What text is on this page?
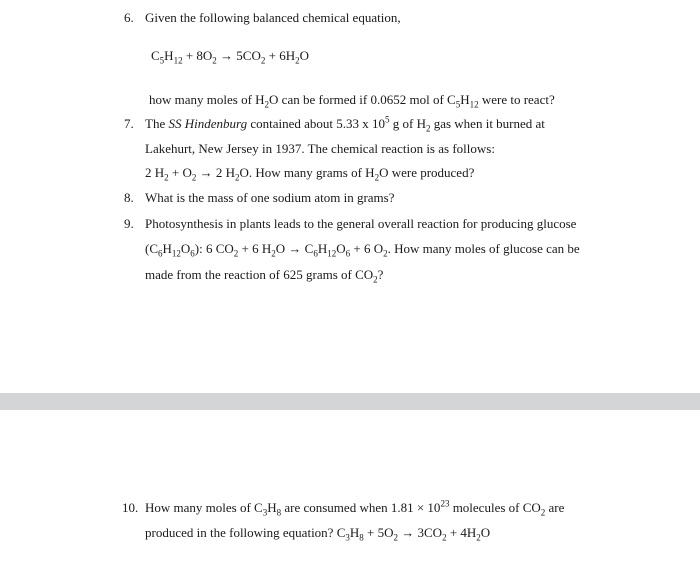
6. Given the following balanced chemical equation,
$C_5H_{12} + 8O_2 \to 5CO_2 + 6H_2O$
how many moles of $H_2O$ can be formed if 0.0652 mol of $C_5H_{12}$ were to react?
7. The SS Hindenburg contained about 5.33 x $10^5$ g of $H_2$ gas when it burned at
Lakehurt, New Jersey in 1937. The chemical reaction is as follows:
2 $H_2 + O_2 \to 2$ $H_2O$. How many grams of $H_2O$ were produced?
8. What is the mass of one sodium atom in grams?
9. Photosynthesis in plants leads to the general overall reaction for producing glucose
$(C_6H_{12}O_6)$: 6 $CO_2 + 6$ $H_2O \to C_6H_{12}O_6 + 6$ $O_2$. How many moles of glucose can be
made from the reaction of 625 grams of $CO_2$?
10. How many moles of $C_3H_8$ are consumed when $1.81 \times 10^{23}$ molecules of $CO_2$ are
produced in the following equation? $C_3H_8 + 5O_2 \to 3CO_2 + 4H_2O$
